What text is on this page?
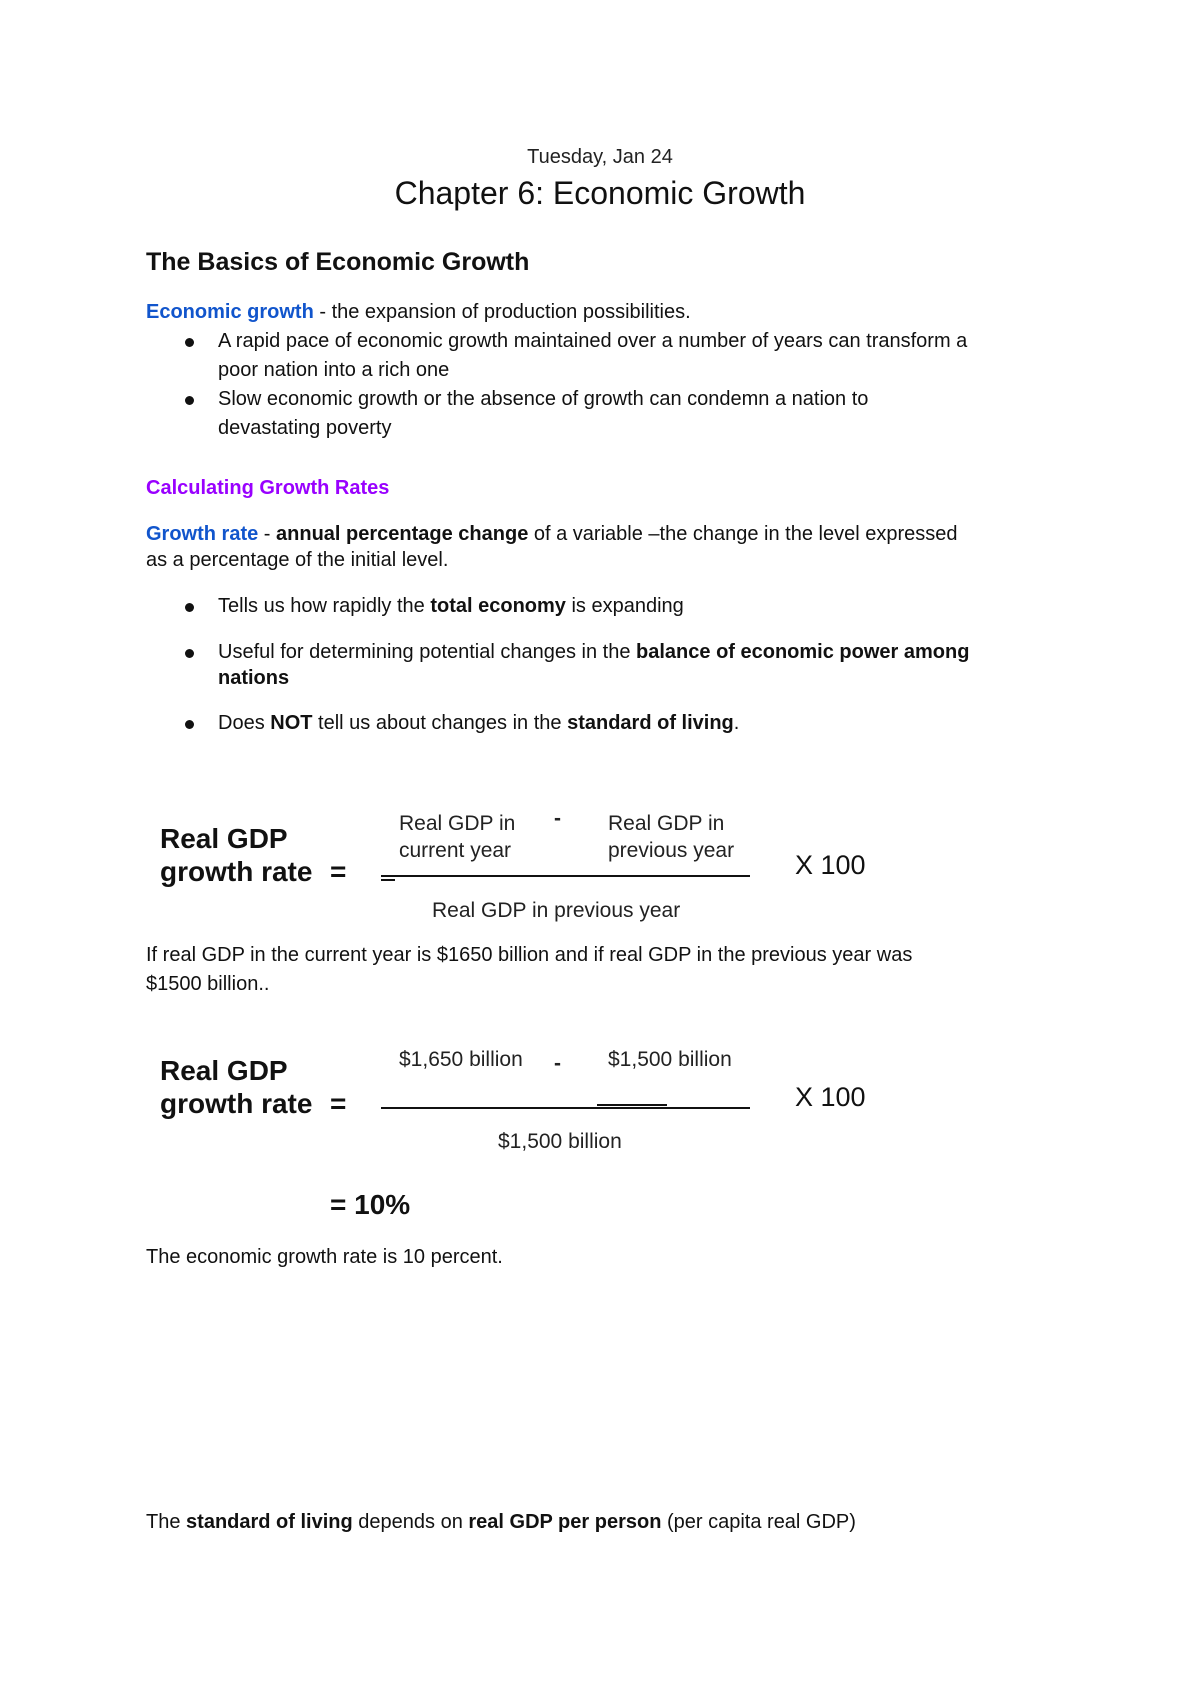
Tuesday, Jan 24
Chapter 6: Economic Growth
The Basics of Economic Growth
Economic growth - the expansion of production possibilities.
A rapid pace of economic growth maintained over a number of years can transform a
poor nation into a rich one
Slow economic growth or the absence of growth can condemn a nation to
devastating poverty
Calculating Growth Rates
Growth rate - annual percentage change of a variable –the change in the level expressed
as a percentage of the initial level.
Tells us how rapidly the total economy is expanding
Useful for determining potential changes in the balance of economic power among
nations
Does NOT tell us about changes in the standard of living.
Real GDP
growth rate =
Real GDP in
current year
- Real GDP in
previous year
Real GDP in previous year
X 100
If real GDP in the current year is $1650 billion and if real GDP in the previous year was
$1500 billion..
Real GDP
growth rate =
$1,650 billion - $1,500 billion
$1,500 billion
X 100
= 10%
The economic growth rate is 10 percent.
The standard of living depends on real GDP per person (per capita real GDP)
